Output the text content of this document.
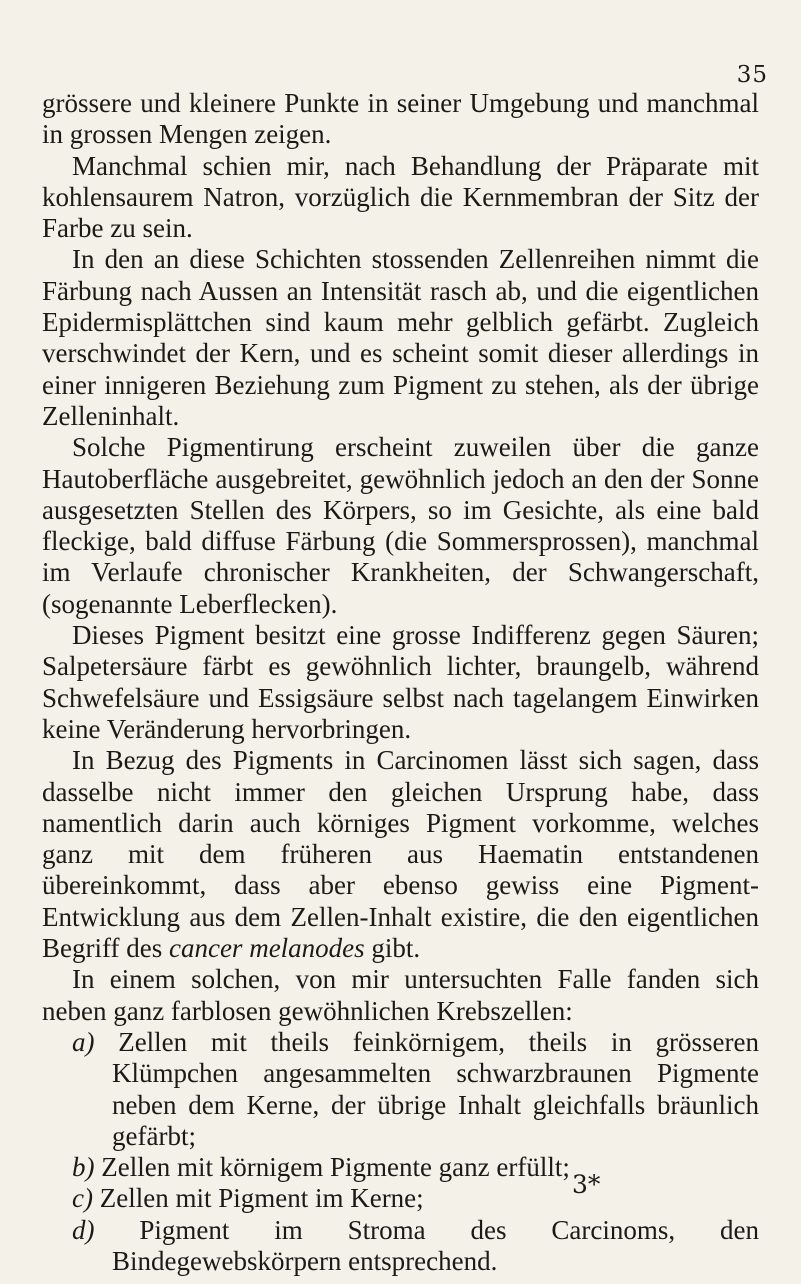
35

grössere und kleinere Punkte in seiner Umgebung und manchmal in grossen Mengen zeigen.

Manchmal schien mir, nach Behandlung der Präparate mit kohlensaurem Natron, vorzüglich die Kernmembran der Sitz der Farbe zu sein.

In den an diese Schichten stossenden Zellenreihen nimmt die Färbung nach Aussen an Intensität rasch ab, und die eigentlichen Epidermisplättchen sind kaum mehr gelblich gefärbt. Zugleich verschwindet der Kern, und es scheint somit dieser allerdings in einer innigeren Beziehung zum Pigment zu stehen, als der übrige Zelleninhalt.

Solche Pigmentirung erscheint zuweilen über die ganze Hautoberfläche ausgebreitet, gewöhnlich jedoch an den der Sonne ausgesetzten Stellen des Körpers, so im Gesichte, als eine bald fleckige, bald diffuse Färbung (die Sommersprossen), manchmal im Verlaufe chronischer Krankheiten, der Schwangerschaft, (sogenannte Leberflecken).

Dieses Pigment besitzt eine grosse Indifferenz gegen Säuren; Salpetersäure färbt es gewöhnlich lichter, braungelb, während Schwefelsäure und Essigsäure selbst nach tagelangem Einwirken keine Veränderung hervorbringen.

In Bezug des Pigments in Carcinomen lässt sich sagen, dass dasselbe nicht immer den gleichen Ursprung habe, dass namentlich darin auch körniges Pigment vorkomme, welches ganz mit dem früheren aus Haematin entstandenen übereinkommt, dass aber ebenso gewiss eine Pigment-Entwicklung aus dem Zellen-Inhalt existire, die den eigentlichen Begriff des cancer melanodes gibt.

In einem solchen, von mir untersuchten Falle fanden sich neben ganz farblosen gewöhnlichen Krebszellen:

a) Zellen mit theils feinkörnigem, theils in grösseren Klümpchen angesammelten schwarzbraunen Pigmente neben dem Kerne, der übrige Inhalt gleichfalls bräunlich gefärbt;

b) Zellen mit körnigem Pigmente ganz erfüllt;

c) Zellen mit Pigment im Kerne;

d) Pigment im Stroma des Carcinoms, den Bindegewebskörpern entsprechend.

3*
